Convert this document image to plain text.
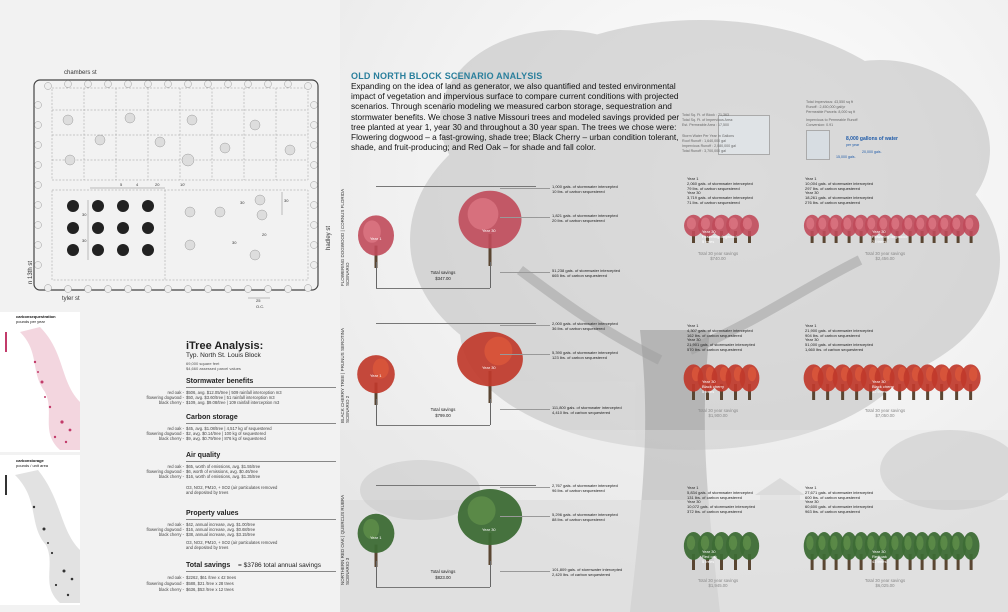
chambers st
tyler st
n 13th st
hadley st
5	4	20
30
30
30
30
30
20
10'
25
O.C.
carbonsequestration
pounds per year
carbonstorage
pounds / unit area
OLD NORTH BLOCK SCENARIO ANALYSIS
Expanding on the idea of land as generator, we also quantified and tested environmental impact of vegetation and impervious surface to compare current conditions with projected scenarios. Through scenario modeling we measured carbon storage, sequestration and stormwater benefits. We chose 3 native Missouri trees and modeled savings provided per tree planted at year 1, year 30 and throughout a 30 year span. The trees we chose were: Flowering dogwood – a fast-growing, shade tree; Black Cherry – urban condition tolerant, shade, and fruit-producing; and Red Oak – for shade and fall color.
iTree Analysis:
Typ. North St. Louis Block
69,000 square feet
$4,660 assessed parcel values
Stormwater benefits
red oak - $506, avg. $12.05/tree | 509 rainfall interception m3
flowering dogwood - $50, avg. $3.60/tree | 51 rainfall interception m3
black cherry - $109, avg. $9.08/tree | 109 rainfall interception m3
Carbon storage
red oak - $45, avg. $1.08/tree | 4,517 kg of sequestered
flowering dogwood - $2, avg. $0.14/tree | 100 kg of sequestered
black cherry - $9, avg. $0.79/tree | 876 kg of sequestered
Air quality
red oak - $65, worth of emissions, avg. $1.55/tree
flowering dogwood - $6, worth of emissions, avg. $0.46/tree
black cherry - $16, worth of emissions, avg. $1.35/tree
O3, NO2, PM10, + SO2 (air particulates removed
and deposited by trees
Property values
red oak - $42, annual increase, avg. $1.00/tree
flowering dogwood - $16, annual increase, avg. $0.68/tree
black cherry - $38, annual increase, avg. $3.15/tree
O3, NO2, PM10, + SO2 (air particulates removed
and deposited by trees
Total savings = $3786 total annual savings
red oak - $2262, $61 /tree x 42 trees
flowering dogwood - $588, $21 /tree x 28 trees
black cherry - $636, $53 /tree x 12 trees
Total Sq. Ft. of Block : 71,363
Total Sq. Ft. of Impervious Area:
Est. Permeable Area : 17,500
Storm Water Per Year In Gallons
Roof Runoff : 1,640,000 gal
Impervious Runoff : 2,080,000 gal
Total Runoff : 3,700,000 gal
Total Impervious: 43,550 sq ft
Runoff : 2,450,000 gal/yr
Permeable Parcels: 8,000 sq ft
Impervious to Permeable Runoff
Conversion: 0.91
8,000 gallons of water
per year
20,000 gals.
15,000 gals.
FLOWERING DOGWOOD | CORNUS FLORIDA
SCENARIO
Year 1
Year 30
Total savings
$347.00
1,000 gals. of stormwater intercepted
10 lbs. of carbon sequestered
1,821 gals. of stormwater intercepted
20 lbs. of carbon sequestered
51,238 gals. of stormwater intercepted
665 lbs. of carbon sequestered
Year 1
2,060 gals. of stormwater intercepted
79 lbs. of carbon sequestered
Year 30
3,719 gals. of stormwater intercepted
71 lbs. of carbon sequestered
Year 1
10,004 gals. of stormwater intercepted
297 lbs. of carbon sequestered
Year 30
18,261 gals. of stormwater intercepted
276 lbs. of carbon sequestered
Year 30
Flowering dogwood
5 trees
Year 30
Flowering dogwood
28 trees
Total 30 year savings
$740.00
Total 30 year savings
$2,456.00
BLACK CHERRY TREE | PRUNUS SEROTINA
SCENARIO 2
Year 1
Year 30
Total savings
$799.00
2,000 gals. of stormwater intercepted
36 lbs. of carbon sequestered
5,390 gals. of stormwater intercepted
123 lbs. of carbon sequestered
111,800 gals. of stormwater intercepted
4,410 lbs. of carbon sequestered
Year 1
4,307 gals. of stormwater intercepted
162 lbs. of carbon sequestered
Year 30
21,901 gals. of stormwater intercepted
570 lbs. of carbon sequestered
Year 1
21,900 gals. of stormwater intercepted
904 lbs. of carbon sequestered
Year 30
51,000 gals. of stormwater intercepted
1,660 lbs. of carbon sequestered
Year 30
Black cherry
5 trees
Year 30
Black cherry
12 trees
Total 30 year savings
$1,900.00
Total 30 year savings
$7,050.00
NORTHERN RED OAK | QUERCUS RUBRA
SCENARIO 3
Year 1
Year 30
Total savings
$823.00
2,767 gals. of stormwater intercepted
96 lbs. of carbon sequestered
5,296 gals. of stormwater intercepted
88 lbs. of carbon sequestered
101,809 gals. of stormwater intercepted
2,420 lbs. of carbon sequestered
Year 1
5,834 gals. of stormwater intercepted
131 lbs. of carbon sequestered
Year 30
10,072 gals. of stormwater intercepted
372 lbs. of carbon sequestered
Year 1
27,671 gals. of stormwater intercepted
600 lbs. of carbon sequestered
Year 30
60,600 gals. of stormwater intercepted
963 lbs. of carbon sequestered
Year 30
Red oak
5 trees
Year 30
Red oak
42 trees
Total 30 year savings
$1,945.00
Total 30 year savings
$6,025.00
